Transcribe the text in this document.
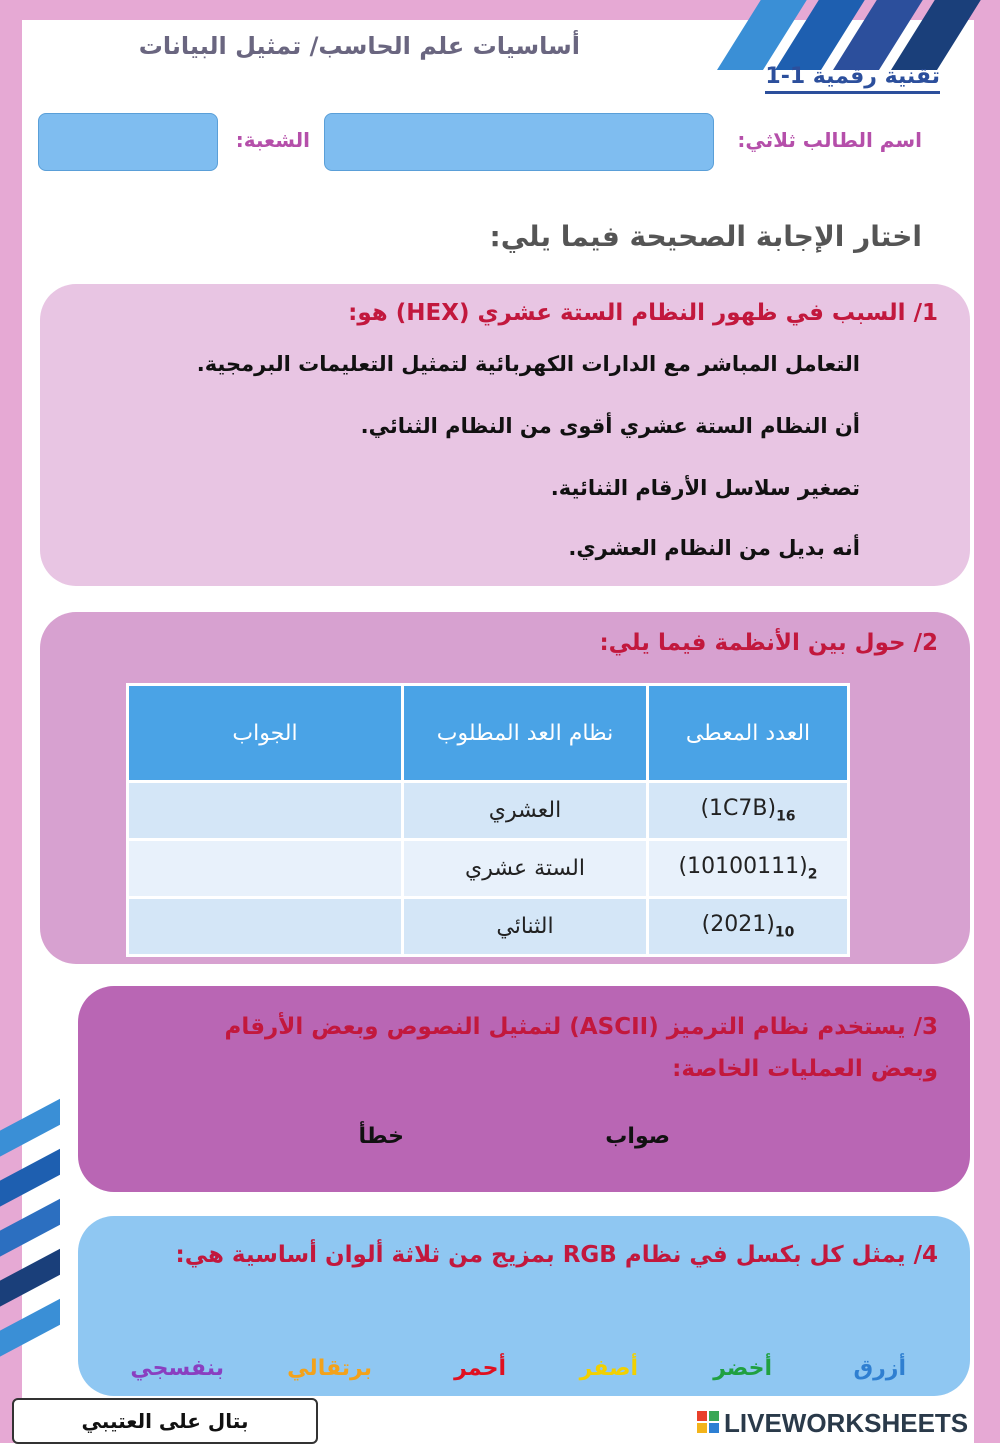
أساسيات علم الحاسب/ تمثيل البيانات
تقنية رقمية 1-1
اسم الطالب ثلاثي:
الشعبة:
اختار الإجابة الصحيحة فيما يلي:
1/ السبب في ظهور النظام الستة عشري (HEX) هو:
التعامل المباشر مع الدارات الكهربائية لتمثيل التعليمات البرمجية.
أن النظام الستة عشري أقوى من النظام الثنائي.
تصغير سلاسل الأرقام الثنائية.
أنه بديل من النظام العشري.
2/ حول بين الأنظمة فيما يلي:
العدد المعطى	نظام العد المطلوب	الجواب
$(1C7B)_{16}$	العشري	
$(10100111)_2$	الستة عشري	
$(2021)_{10}$	الثنائي	
3/ يستخدم نظام الترميز (ASCII) لتمثيل النصوص وبعض الأرقام وبعض العمليات الخاصة:
صواب
خطأ
4/ يمثل كل بكسل في نظام RGB بمزيج من ثلاثة ألوان أساسية هي:
أزرق
أخضر
أصفر
أحمر
برتقالي
بنفسجي
بتال على العتيبي	LIVEWORKSHEETS
